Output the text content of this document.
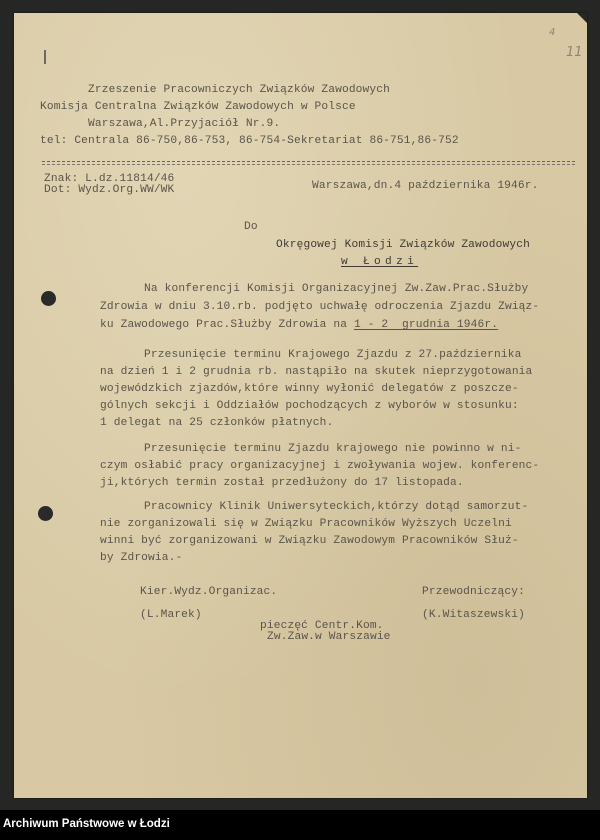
4
11
Zrzeszenie Pracowniczych Związków Zawodowych
Komisja Centralna Związków Zawodowych w Polsce
Warszawa,Al.Przyjaciół Nr.9.
tel: Centrala 86-750,86-753, 86-754-Sekretariat 86-751,86-752
Znak: L.dz.11814/46
Dot: Wydz.Org.WW/WK	Warszawa,dn.4 października 1946r.
Do
Okręgowej Komisji Związków Zawodowych
w Łodzi
Na konferencji Komisji Organizacyjnej Zw.Zaw.Prac.Służby
Zdrowia w dniu 3.10.rb. podjęto uchwałę odroczenia Zjazdu Związ-
ku Zawodowego Prac.Służby Zdrowia na 1 - 2  grudnia 1946r.
Przesunięcie terminu Krajowego Zjazdu z 27.października
na dzień 1 i 2 grudnia rb. nastąpiło na skutek nieprzygotowania
wojewódzkich zjazdów,które winny wyłonić delegatów z poszcze-
gólnych sekcji i Oddziałów pochodzących z wyborów w stosunku:
1 delegat na 25 członków płatnych.
Przesunięcie terminu Zjazdu krajowego nie powinno w ni-
czym osłabić pracy organizacyjnej i zwoływania wojew. konferenc-
ji,których termin został przedłużony do 17 listopada.
Pracownicy Klinik Uniwersyteckich,którzy dotąd samorzut-
nie zorganizowali się w Związku Pracowników Wyższych Uczelni
winni być zorganizowani w Związku Zawodowym Pracowników Służ-
by Zdrowia.-
Kier.Wydz.Organizac.
(L.Marek)
Przewodniczący:
(K.Witaszewski)
pieczęć Centr.Kom.
Zw.Zaw.w Warszawie
Archiwum Państwowe w Łodzi
